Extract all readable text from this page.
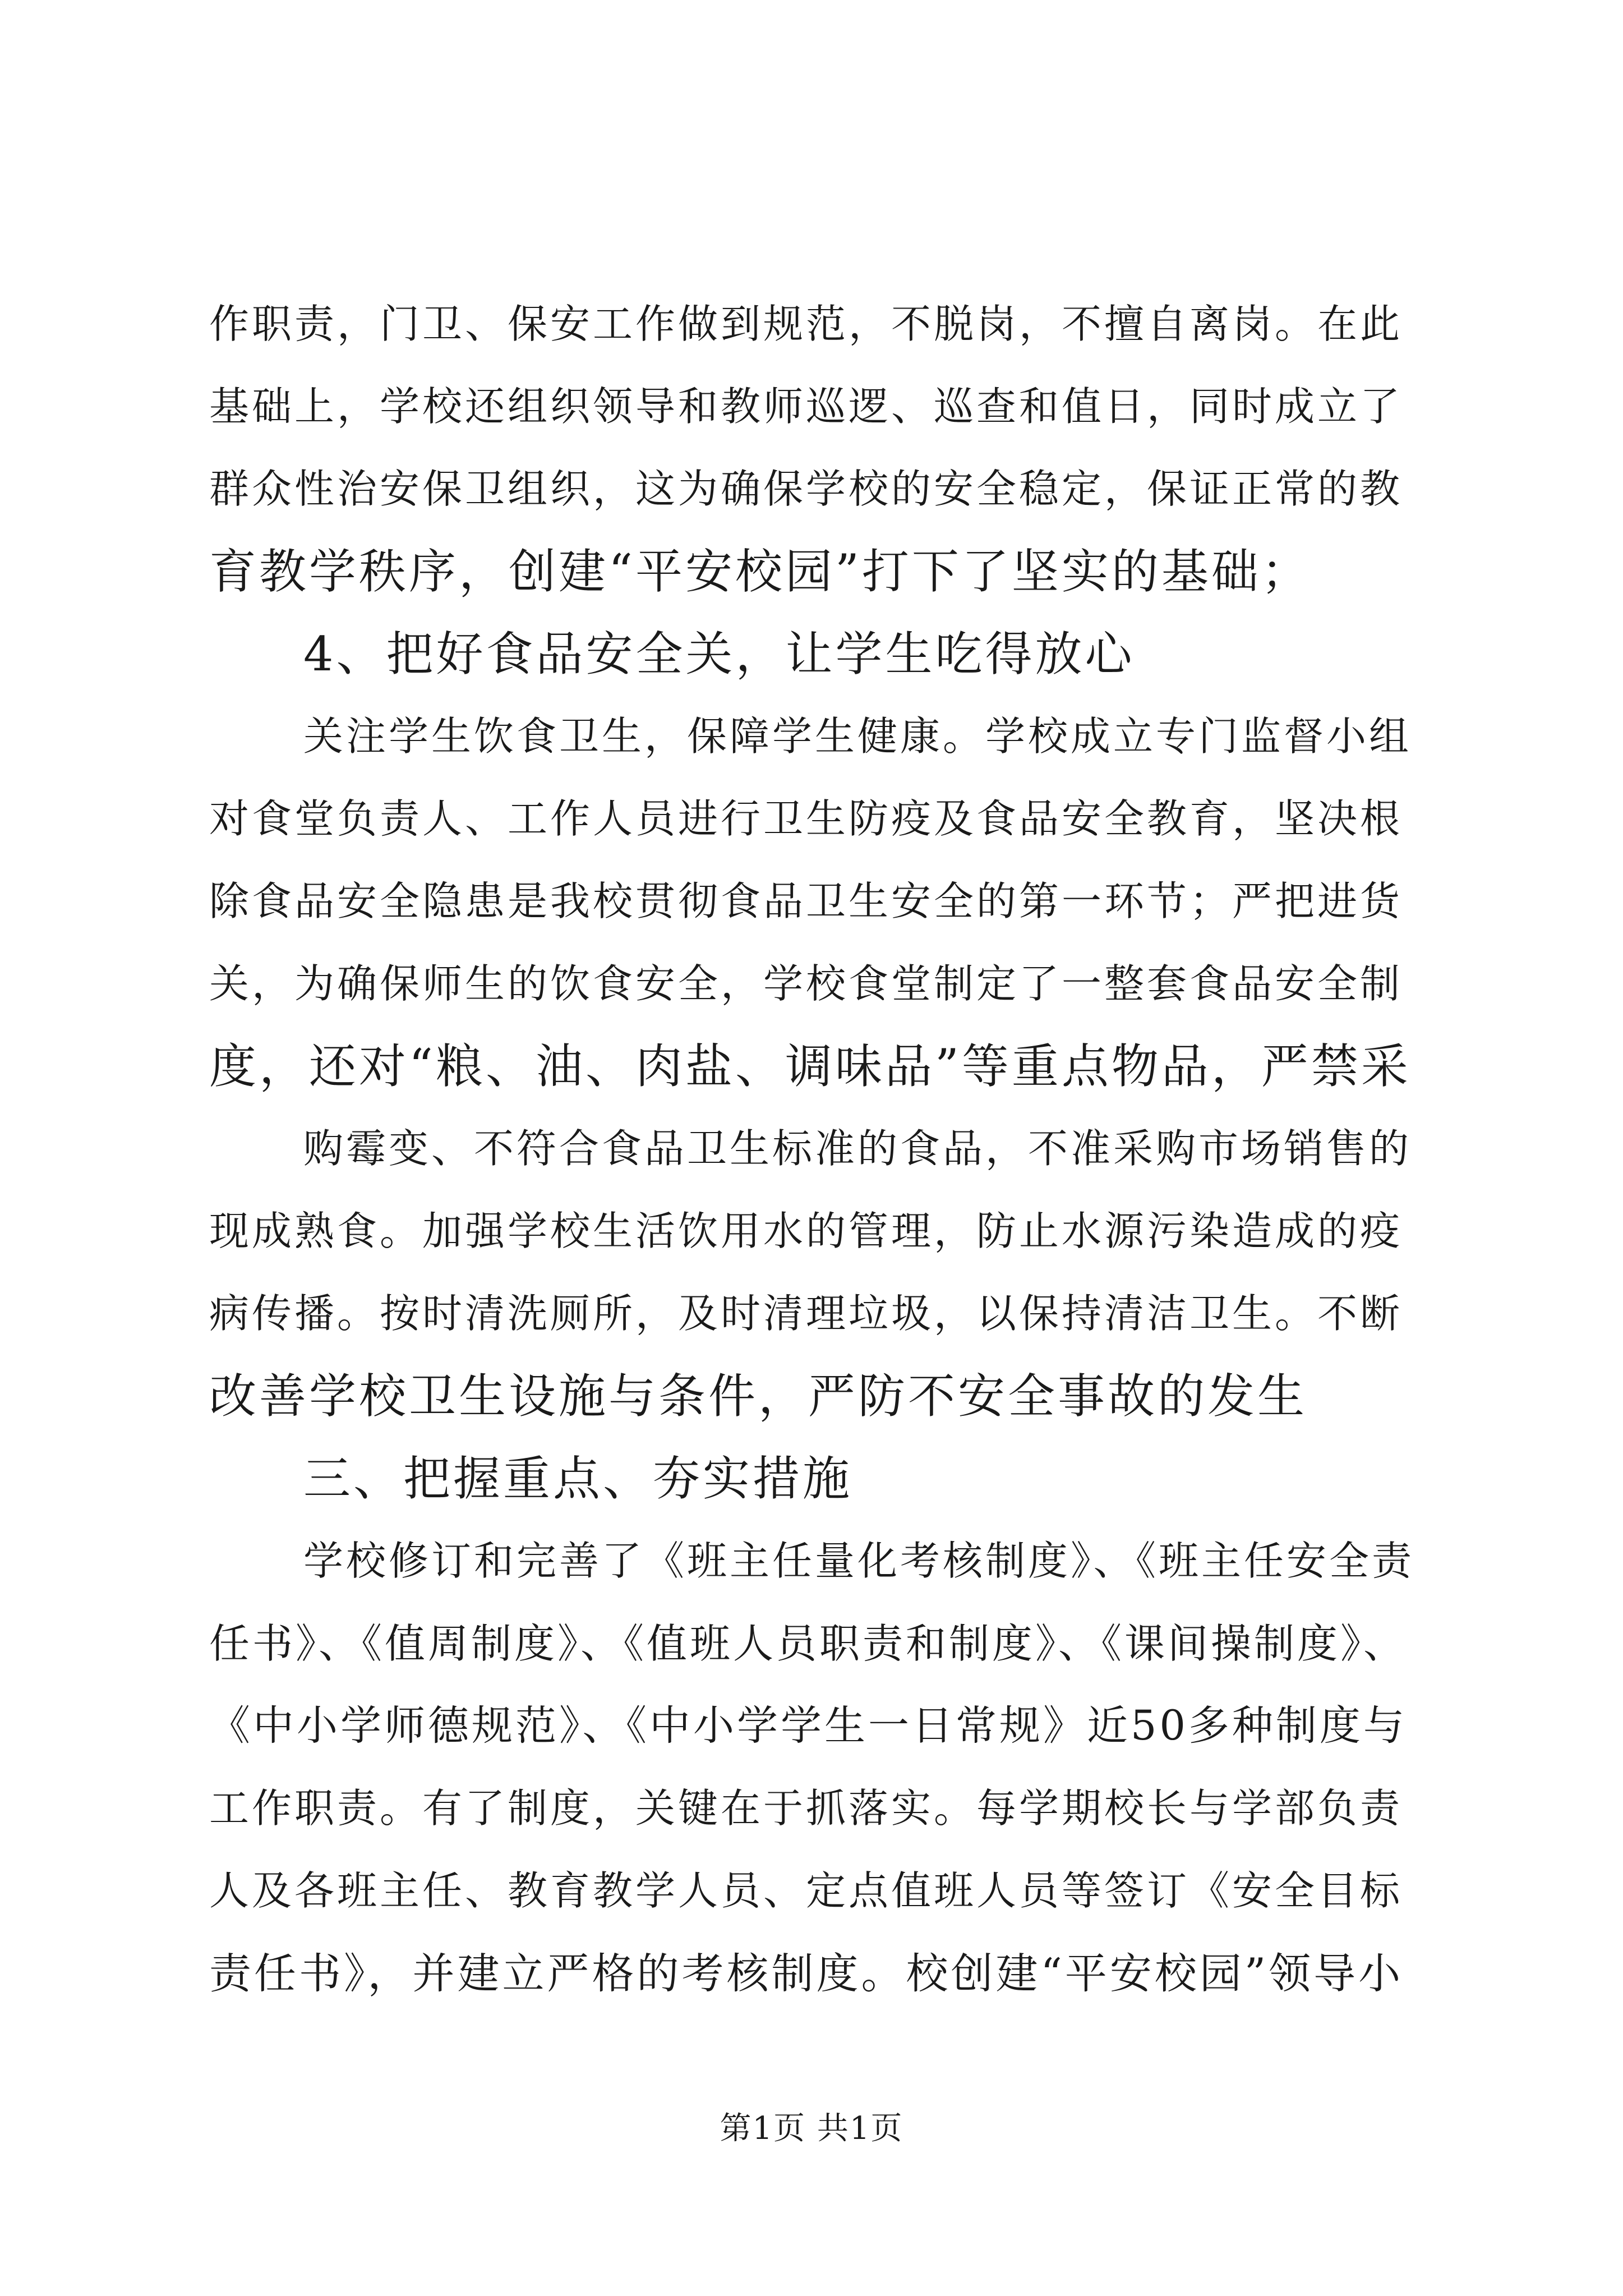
作职责，门卫、保安工作做到规范，不脱岗，不擅自离岗。在此
基础上，学校还组织领导和教师巡逻、巡查和值日，同时成立了
群众性治安保卫组织，这为确保学校的安全稳定，保证正常的教
育教学秩序，创建“平安校园”打下了坚实的基础；
4、把好食品安全关，让学生吃得放心
关注学生饮食卫生，保障学生健康。学校成立专门监督小组
对食堂负责人、工作人员进行卫生防疫及食品安全教育，坚决根
除食品安全隐患是我校贯彻食品卫生安全的第一环节；严把进货
关，为确保师生的饮食安全，学校食堂制定了一整套食品安全制
度，还对“粮、油、肉盐、调味品”等重点物品，严禁采
购霉变、不符合食品卫生标准的食品，不准采购市场销售的
现成熟食。加强学校生活饮用水的管理，防止水源污染造成的疫
病传播。按时清洗厕所，及时清理垃圾，以保持清洁卫生。不断
改善学校卫生设施与条件，严防不安全事故的发生
三、把握重点、夯实措施
学校修订和完善了《班主任量化考核制度》、《班主任安全责
任书》、《值周制度》、《值班人员职责和制度》、《课间操制度》、
《中小学师德规范》、《中小学学生一日常规》近50多种制度与
工作职责。有了制度，关键在于抓落实。每学期校长与学部负责
人及各班主任、教育教学人员、定点值班人员等签订《安全目标
责任书》，并建立严格的考核制度。校创建“平安校园”领导小
第1页 共1页
